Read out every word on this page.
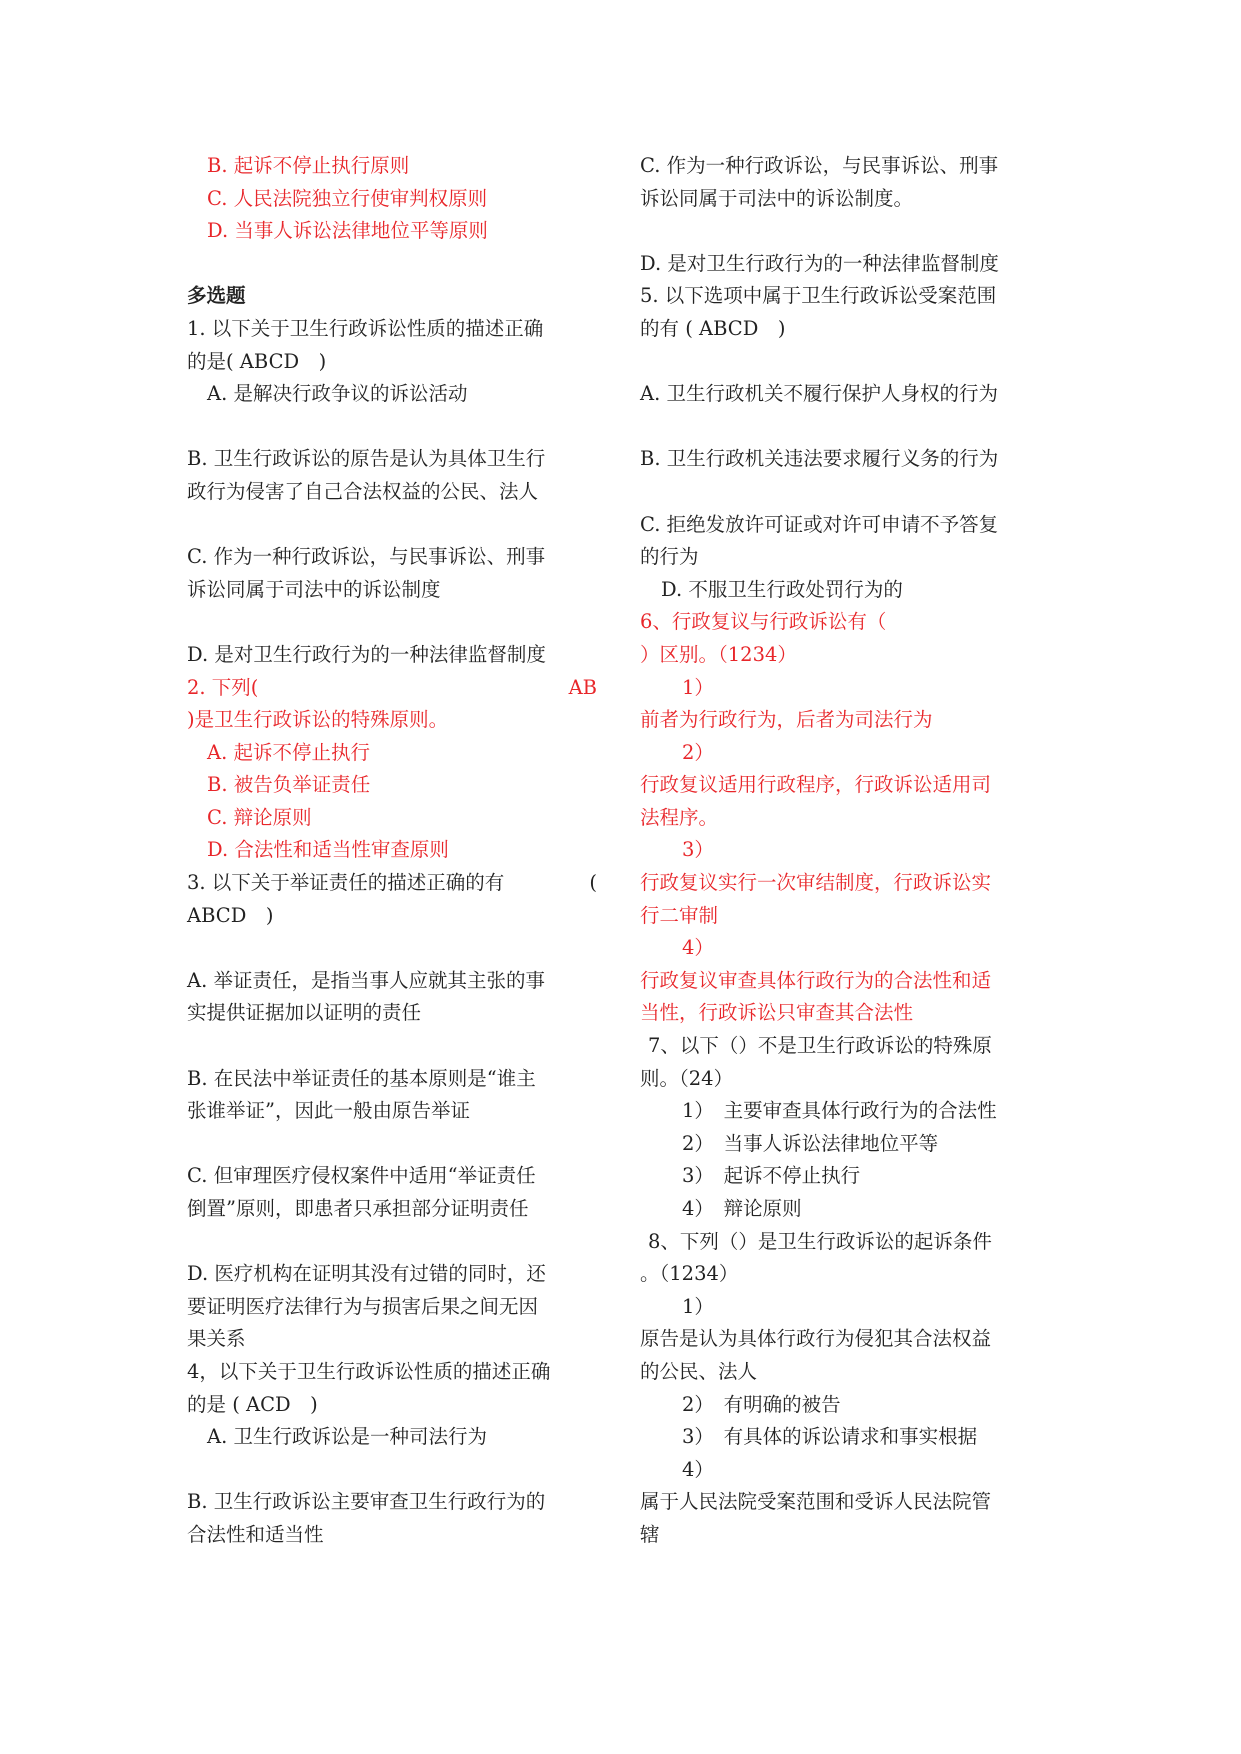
B. 起诉不停止执行原则
C. 人民法院独立行使审判权原则
D. 当事人诉讼法律地位平等原则
多选题
1. 以下关于卫生行政诉讼性质的描述正确
的是( ABCD　)
A. 是解决行政争议的诉讼活动
B. 卫生行政诉讼的原告是认为具体卫生行
政行为侵害了自己合法权益的公民、法人
C. 作为一种行政诉讼，与民事诉讼、刑事
诉讼同属于司法中的诉讼制度
D. 是对卫生行政行为的一种法律监督制度
2. 下列(	AB
)是卫生行政诉讼的特殊原则。
A. 起诉不停止执行
B. 被告负举证责任
C. 辩论原则
D. 合法性和适当性审查原则
3. 以下关于举证责任的描述正确的有	(
ABCD　)
A. 举证责任，是指当事人应就其主张的事
实提供证据加以证明的责任
B. 在民法中举证责任的基本原则是“谁主
张谁举证”，因此一般由原告举证
C. 但审理医疗侵权案件中适用“举证责任
倒置”原则，即患者只承担部分证明责任
D. 医疗机构在证明其没有过错的同时，还
要证明医疗法律行为与损害后果之间无因
果关系
4，以下关于卫生行政诉讼性质的描述正确
的是 ( ACD　)
A. 卫生行政诉讼是一种司法行为
B. 卫生行政诉讼主要审查卫生行政行为的
合法性和适当性
C. 作为一种行政诉讼，与民事诉讼、刑事
诉讼同属于司法中的诉讼制度。
D. 是对卫生行政行为的一种法律监督制度
5. 以下选项中属于卫生行政诉讼受案范围
的有 ( ABCD　)
A. 卫生行政机关不履行保护人身权的行为
B. 卫生行政机关违法要求履行义务的行为
C. 拒绝发放许可证或对许可申请不予答复
的行为
D. 不服卫生行政处罚行为的
6、行政复议与行政诉讼有（
）区别。（1234）
1）
前者为行政行为，后者为司法行为
2）
行政复议适用行政程序，行政诉讼适用司
法程序。
3）
行政复议实行一次审结制度，行政诉讼实
行二审制
4）
行政复议审查具体行政行为的合法性和适
当性，行政诉讼只审查其合法性
7、以下（）不是卫生行政诉讼的特殊原
则。（24）
1）　主要审查具体行政行为的合法性
2）　当事人诉讼法律地位平等
3）　起诉不停止执行
4）　辩论原则
8、下列（）是卫生行政诉讼的起诉条件
。（1234）
1）
原告是认为具体行政行为侵犯其合法权益
的公民、法人
2）　有明确的被告
3）　有具体的诉讼请求和事实根据
4）
属于人民法院受案范围和受诉人民法院管
辖
